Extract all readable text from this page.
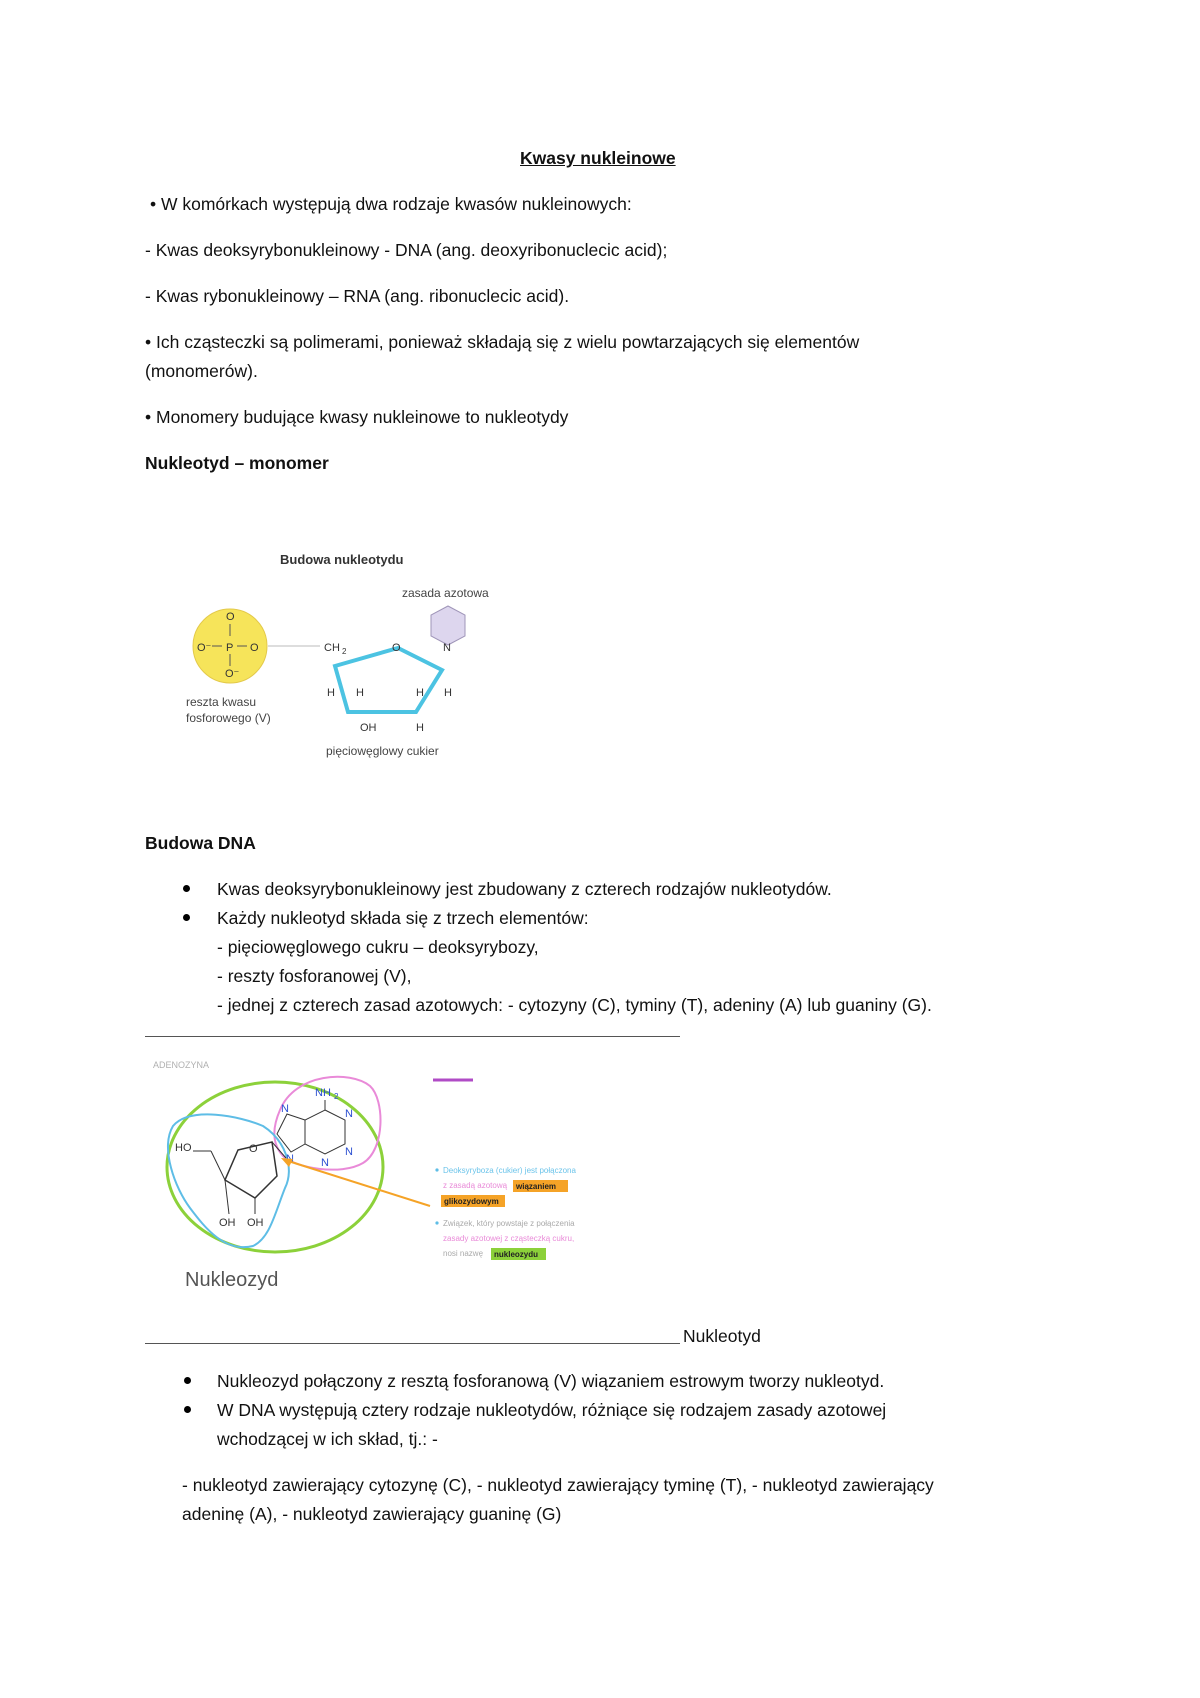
Kwasy nukleinowe
• W komórkach występują dwa rodzaje kwasów nukleinowych:
- Kwas deoksyrybonukleinowy - DNA (ang. deoxyribonuclecic acid);
- Kwas rybonukleinowy – RNA (ang. ribonuclecic acid).
• Ich cząsteczki są polimerami, ponieważ składają się z wielu powtarzających się elementów
(monomerów).
• Monomery budujące kwasy nukleinowe to nukleotydy
Nukleotyd – monomer
Budowa nukleotydu
zasada azotowa
O
O⁻ P O
O⁻
CH 2	O	N
H H	H H
OH	H
reszta kwasu
fosforowego (V)
pięciowęglowy cukier
Budowa DNA
Kwas deoksyrybonukleinowy jest zbudowany z czterech rodzajów nukleotydów.
Każdy nukleotyd składa się z trzech elementów:
- pięciowęglowego cukru – deoksyrybozy,
- reszty fosforanowej (V),
- jednej z czterech zasad azotowych: - cytozyny (C), tyminy (T), adeniny (A) lub guaniny (G).
ADENOZYNA
NH 2
N
N
N
N
O
HO
OH OH
Deoksyryboza (cukier) jest połączona
z zasadą azotową wiązaniem
glikozydowym
Związek, który powstaje z połączenia
zasady azotowej z cząsteczką cukru,
nosi nazwę nukleozydu
Nukleozyd
Nukleotyd
Nukleozyd połączony z resztą fosforanową (V) wiązaniem estrowym tworzy nukleotyd.
W DNA występują cztery rodzaje nukleotydów, różniące się rodzajem zasady azotowej
wchodzącej w ich skład, tj.: -
- nukleotyd zawierający cytozynę (C), - nukleotyd zawierający tyminę (T), - nukleotyd zawierający
adeninę (A), - nukleotyd zawierający guaninę (G)
